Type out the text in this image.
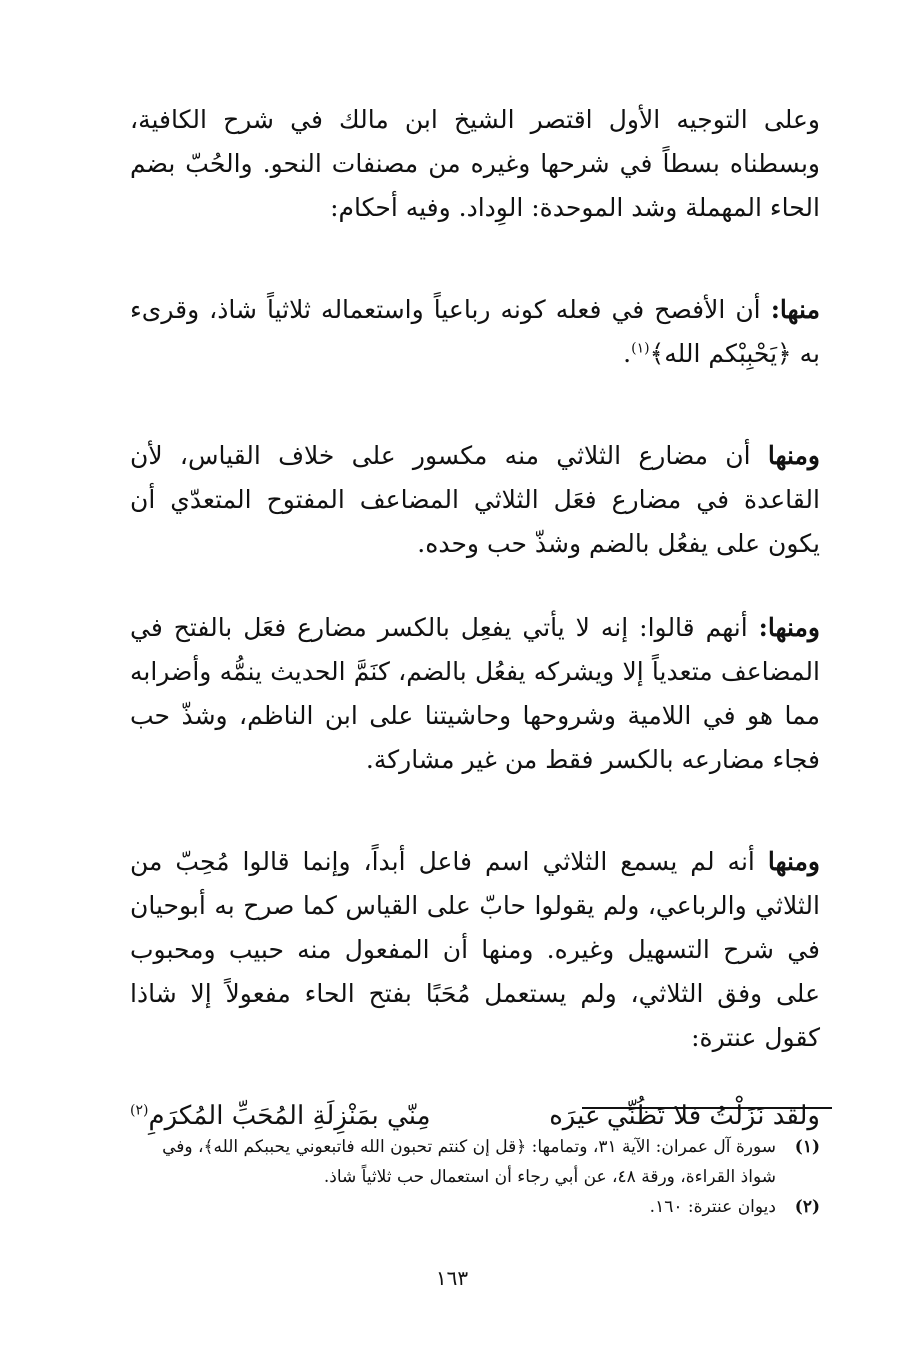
وعلى التوجيه الأول اقتصر الشيخ ابن مالك في شرح الكافية، وبسطناه بسطاً في شرحها وغيره من مصنفات النحو. والحُبّ بضم الحاء المهملة وشد الموحدة: الوِداد. وفيه أحكام:

منها: أن الأفصح في فعله كونه رباعياً واستعماله ثلاثياً شاذ، وقرىء به ﴿يَحْبِبْكم الله﴾$^{(١)}$.

ومنها أن مضارع الثلاثي منه مكسور على خلاف القياس، لأن القاعدة في مضارع فعَل الثلاثي المضاعف المفتوح المتعدّي أن يكون على يفعُل بالضم وشذّ حب وحده.

ومنها: أنهم قالوا: إنه لا يأتي يفعِل بالكسر مضارع فعَل بالفتح في المضاعف متعدياً إلا ويشركه يفعُل بالضم، كنَمَّ الحديث ينمُّه وأضرابه مما هو في اللامية وشروحها وحاشيتنا على ابن الناظم، وشذّ حب فجاء مضارعه بالكسر فقط من غير مشاركة.

ومنها أنه لم يسمع الثلاثي اسم فاعل أبداً، وإنما قالوا مُحِبّ من الثلاثي والرباعي، ولم يقولوا حابّ على القياس كما صرح به أبوحيان في شرح التسهيل وغيره. ومنها أن المفعول منه حبيب ومحبوب على وفق الثلاثي، ولم يستعمل مُحَبًا بفتح الحاء مفعولاً إلا شاذا كقول عنترة:

ولقد نَزَلْتُ فلا تَظُنِّي غيرَه
مِنّي بمَنْزِلَةِ المُحَبِّ المُكرَمِ$^{(٢)}$
(١)
سورة آل عمران: الآية ٣١، وتمامها: ﴿قل إن كنتم تحبون الله فاتبعوني يحببكم الله﴾، وفي شواذ القراءة، ورقة ٤٨، عن أبي رجاء أن استعمال حب ثلاثياً شاذ.
(٢)
ديوان عنترة: ١٦٠.
١٦٣
